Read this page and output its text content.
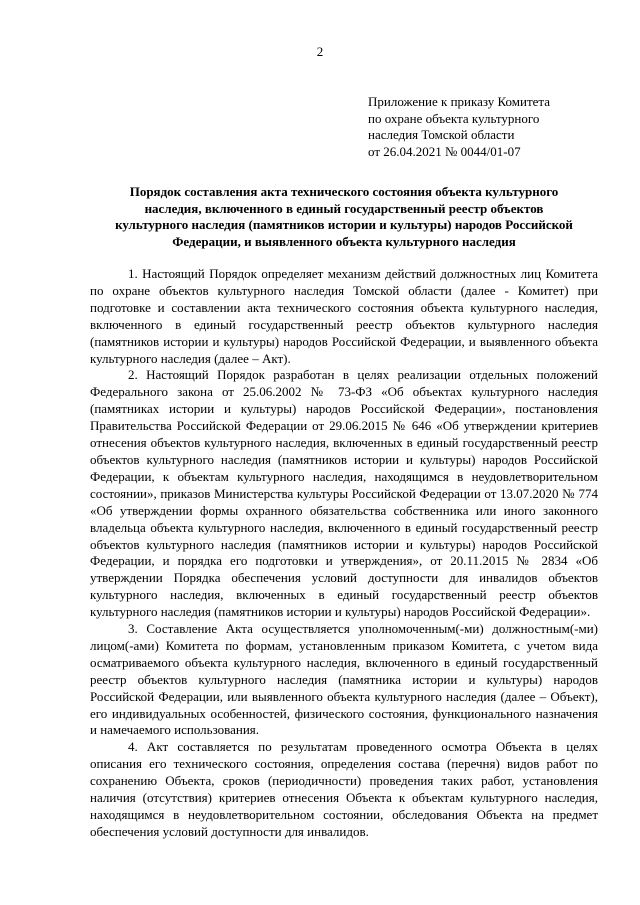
2
Приложение к приказу Комитета
по охране объекта культурного
наследия Томской области
от 26.04.2021 № 0044/01-07
Порядок составления акта технического состояния объекта культурного
наследия, включенного в единый государственный реестр объектов
культурного наследия (памятников истории и культуры) народов Российской
Федерации, и выявленного объекта культурного наследия

1. Настоящий Порядок определяет механизм действий должностных лиц Комитета по охране объектов культурного наследия Томской области (далее - Комитет) при подготовке и составлении акта технического состояния объекта культурного наследия, включенного в единый государственный реестр объектов культурного наследия (памятников истории и культуры) народов Российской Федерации, и выявленного объекта культурного наследия (далее – Акт).

2. Настоящий Порядок разработан в целях реализации отдельных положений Федерального закона от 25.06.2002 № 73-ФЗ «Об объектах культурного наследия (памятниках истории и культуры) народов Российской Федерации», постановления Правительства Российской Федерации от 29.06.2015 № 646 «Об утверждении критериев отнесения объектов культурного наследия, включенных в единый государственный реестр объектов культурного наследия (памятников истории и культуры) народов Российской Федерации, к объектам культурного наследия, находящимся в неудовлетворительном состоянии», приказов Министерства культуры Российской Федерации от 13.07.2020 № 774 «Об утверждении формы охранного обязательства собственника или иного законного владельца объекта культурного наследия, включенного в единый государственный реестр объектов культурного наследия (памятников истории и культуры) народов Российской Федерации, и порядка его подготовки и утверждения», от 20.11.2015 № 2834 «Об утверждении Порядка обеспечения условий доступности для инвалидов объектов культурного наследия, включенных в единый государственный реестр объектов культурного наследия (памятников истории и культуры) народов Российской Федерации».

3. Составление Акта осуществляется уполномоченным(-ми) должностным(-ми) лицом(-ами) Комитета по формам, установленным приказом Комитета, с учетом вида осматриваемого объекта культурного наследия, включенного в единый государственный реестр объектов культурного наследия (памятника истории и культуры) народов Российской Федерации, или выявленного объекта культурного наследия (далее – Объект), его индивидуальных особенностей, физического состояния, функционального назначения и намечаемого использования.

4. Акт составляется по результатам проведенного осмотра Объекта в целях описания его технического состояния, определения состава (перечня) видов работ по сохранению Объекта, сроков (периодичности) проведения таких работ, установления наличия (отсутствия) критериев отнесения Объекта к объектам культурного наследия, находящимся в неудовлетворительном состоянии, обследования Объекта на предмет обеспечения условий доступности для инвалидов.
